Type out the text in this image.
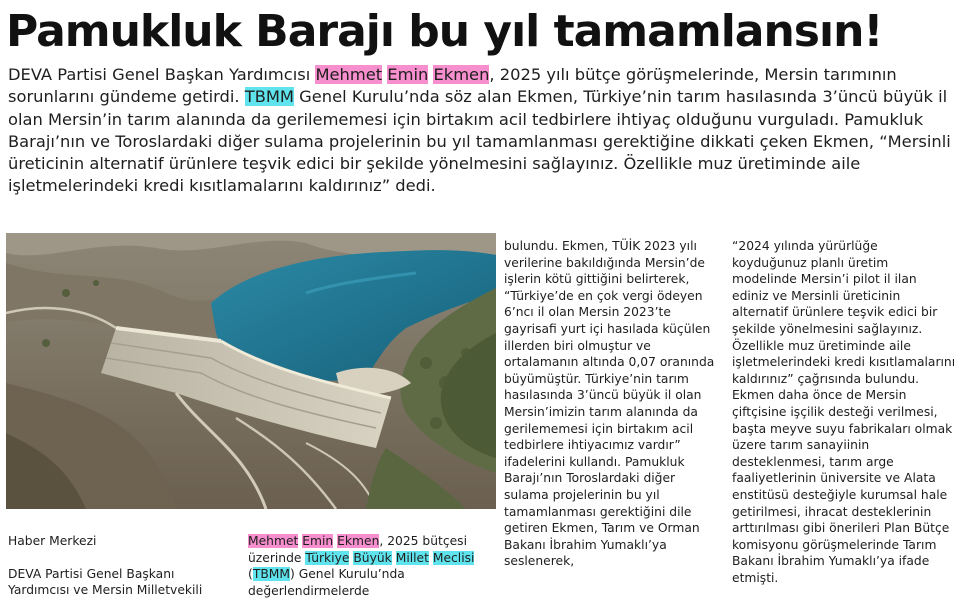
Pamukluk Barajı bu yıl tamamlansın!

DEVA Partisi Genel Başkan Yardımcısı Mehmet Emin Ekmen, 2025 yılı bütçe görüşmelerinde, Mersin tarımının sorunlarını gündeme getirdi. TBMM Genel Kurulu’nda söz alan Ekmen, Türkiye’nin tarım hasılasında 3’üncü büyük il olan Mersin’in tarım alanında da gerilememesi için birtakım acil tedbirlere ihtiyaç olduğunu vurguladı. Pamukluk Barajı’nın ve Toroslardaki diğer sulama projelerinin bu yıl tamamlanması gerektiğine dikkati çeken Ekmen, “Mersinli üreticinin alternatif ürünlere teşvik edici bir şekilde yönelmesini sağlayınız. Özellikle muz üretiminde aile işletmelerindeki kredi kısıtlamalarını kaldırınız” dedi.

Haber Merkezi

DEVA Partisi Genel Başkanı Yardımcısı ve Mersin Milletvekili

Mehmet Emin Ekmen, 2025 bütçesi üzerinde Türkiye Büyük Millet Meclisi (TBMM) Genel Kurulu’nda değerlendirmelerde

bulundu. Ekmen, TÜİK 2023 yılı verilerine bakıldığında Mersin’de işlerin kötü gittiğini belirterek, “Türkiye’de en çok vergi ödeyen 6’ncı il olan Mersin 2023’te gayrisafi yurt içi hasılada küçülen illerden biri olmuştur ve ortalamanın altında 0,07 oranında büyümüştür. Türkiye’nin tarım hasılasında 3’üncü büyük il olan Mersin’imizin tarım alanında da gerilememesi için birtakım acil tedbirlere ihtiyacımız vardır” ifadelerini kullandı. Pamukluk Barajı’nın Toroslardaki diğer sulama projelerinin bu yıl tamamlanması gerektiğini dile getiren Ekmen, Tarım ve Orman Bakanı İbrahim Yumaklı’ya seslenerek,

“2024 yılında yürürlüğe koyduğunuz planlı üretim modelinde Mersin’i pilot il ilan ediniz ve Mersinli üreticinin alternatif ürünlere teşvik edici bir şekilde yönelmesini sağlayınız. Özellikle muz üretiminde aile işletmelerindeki kredi kısıtlamalarını kaldırınız” çağrısında bulundu. Ekmen daha önce de Mersin çiftçisine işçilik desteği verilmesi, başta meyve suyu fabrikaları olmak üzere tarım sanayiinin desteklenmesi, tarım arge faaliyetlerinin üniversite ve Alata enstitüsü desteğiyle kurumsal hale getirilmesi, ihracat desteklerinin arttırılması gibi önerileri Plan Bütçe komisyonu görüşmelerinde Tarım Bakanı İbrahim Yumaklı’ya ifade etmişti.
